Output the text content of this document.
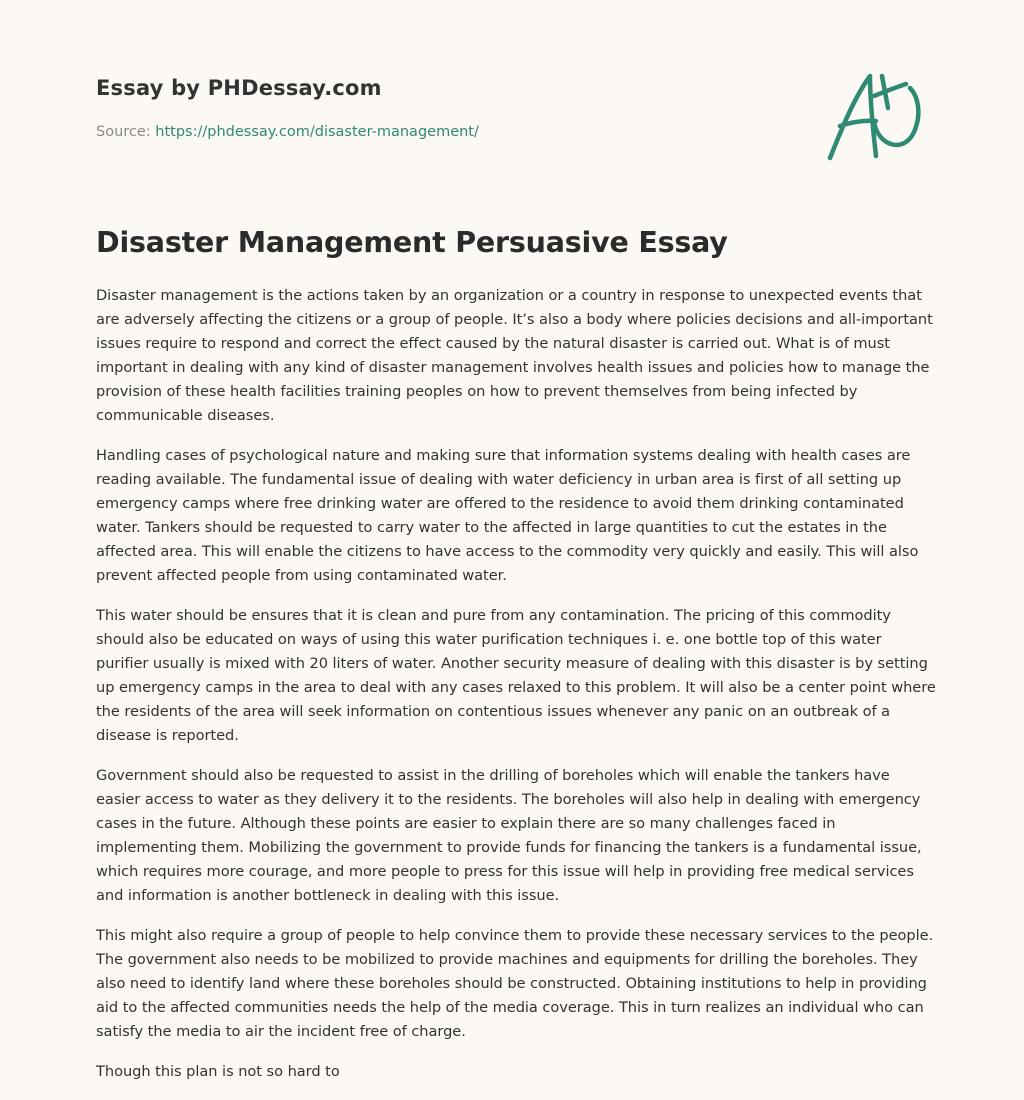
Essay by PHDessay.com

Source: https://phdessay.com/disaster-management/

Disaster Management Persuasive Essay

Disaster management is the actions taken by an organization or a country in response to unexpected events that are adversely affecting the citizens or a group of people. It’s also a body where policies decisions and all-important issues require to respond and correct the effect caused by the natural disaster is carried out. What is of must important in dealing with any kind of disaster management involves health issues and policies how to manage the provision of these health facilities training peoples on how to prevent themselves from being infected by communicable diseases.

Handling cases of psychological nature and making sure that information systems dealing with health cases are reading available. The fundamental issue of dealing with water deficiency in urban area is first of all setting up emergency camps where free drinking water are offered to the residence to avoid them drinking contaminated water. Tankers should be requested to carry water to the affected in large quantities to cut the estates in the affected area. This will enable the citizens to have access to the commodity very quickly and easily. This will also prevent affected people from using contaminated water.

This water should be ensures that it is clean and pure from any contamination. The pricing of this commodity should also be educated on ways of using this water purification techniques i. e. one bottle top of this water purifier usually is mixed with 20 liters of water. Another security measure of dealing with this disaster is by setting up emergency camps in the area to deal with any cases relaxed to this problem. It will also be a center point where the residents of the area will seek information on contentious issues whenever any panic on an outbreak of a disease is reported.

Government should also be requested to assist in the drilling of boreholes which will enable the tankers have easier access to water as they delivery it to the residents. The boreholes will also help in dealing with emergency cases in the future. Although these points are easier to explain there are so many challenges faced in implementing them. Mobilizing the government to provide funds for financing the tankers is a fundamental issue, which requires more courage, and more people to press for this issue will help in providing free medical services and information is another bottleneck in dealing with this issue.

This might also require a group of people to help convince them to provide these necessary services to the people. The government also needs to be mobilized to provide machines and equipments for drilling the boreholes. They also need to identify land where these boreholes should be constructed. Obtaining institutions to help in providing aid to the affected communities needs the help of the media coverage. This in turn realizes an individual who can satisfy the media to air the incident free of charge.

Though this plan is not so hard to
